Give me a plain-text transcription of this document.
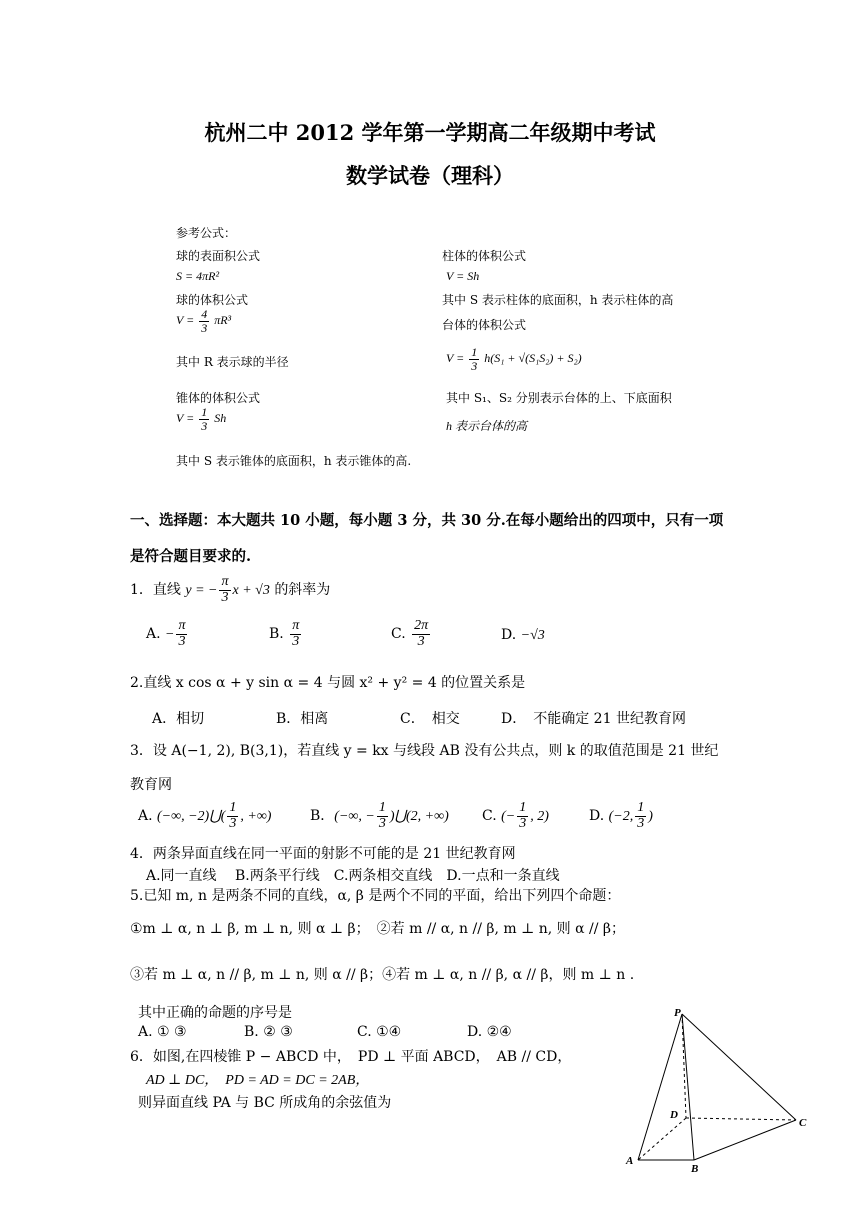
杭州二中 2012 学年第一学期高二年级期中考试
数学试卷（理科）
参考公式：
球的表面积公式
S = 4πR²
球的体积公式
$V = \frac{4}{3} \pi R^3$
其中 R 表示球的半径
锥体的体积公式
$V = \frac{1}{3}$ Sh
其中 S 表示锥体的底面积，h 表示锥体的高.
柱体的体积公式
V = Sh
其中 S 表示柱体的底面积，h 表示柱体的高
台体的体积公式
$V = \frac{1}{3} h(S_1 + √(S_1S_2) + S_2)$
其中 S₁、S₂ 分别表示台体的上、下底面积
h 表示台体的高
一、选择题：本大题共 10 小题，每小题 3 分，共 30 分.在每小题给出的四项中，只有一项
是符合题目要求的.
1．直线 y = − $\frac{\pi}{3}$ x + √3 的斜率为
A. − $\frac{\pi}{3}$	B. $\frac{\pi}{3}$	C. $\frac{2\pi}{3}$	D. −√3
2.直线 x cos α + y sin α = 4 与圆 x² + y² = 4 的位置关系是
A．相切	B．相离	C．　相交	D．　不能确定 21 世纪教育网
3．设 A(−1, 2), B(3,1)，若直线 y = kx 与线段 AB 没有公共点，则 k 的取值范围是 21 世纪
教育网
A. (−∞, −2)⋃( $\frac{1}{3}$ , +∞)	B．(−∞, − $\frac{1}{3}$ )⋃(2, +∞) C. (− $\frac{1}{3}$ , 2)	D. (−2, $\frac{1}{3}$ )
4．两条异面直线在同一平面的射影不可能的是 21 世纪教育网
A.同一直线　 B.两条平行线　C.两条相交直线　D.一点和一条直线
5.已知 m, n 是两条不同的直线，α, β 是两个不同的平面，给出下列四个命题：
①m ⊥ α, n ⊥ β, m ⊥ n, 则 α ⊥ β；　②若 m // α, n // β, m ⊥ n, 则 α // β；
③若 m ⊥ α, n // β, m ⊥ n, 则 α // β；④若 m ⊥ α, n // β, α // β，则 m ⊥ n .
其中正确的命题的序号是
A. ① ③	B. ② ③	C. ①④	D. ②④
6．如图,在四棱锥 P − ABCD 中，　PD ⊥ 平面 ABCD，　AB // CD，
AD ⊥ DC，　PD = AD = DC = 2AB，
则异面直线 PA 与 BC 所成角的余弦值为
P
D
C
A
B
